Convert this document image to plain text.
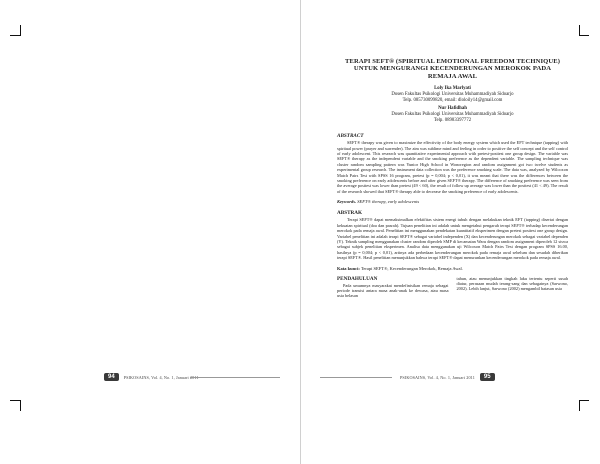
94	PSIKOSAINS, Vol. 4, No. 1, Januari 2011
TERAPI SEFT® (SPIRITUAL EMOTIONAL FREEDOM TECHNIQUE)
UNTUK MENGURANGI KECENDERUNGAN MEROKOK PADA
REMAJA AWAL
Loly Ika Marlyati
Dosen Fakultas Psikologi Universitas Muhammadiyah Sidoarjo
Telp. 085730099820, email: dloloily14@gmail.com
Nur Hafidhah
Dosen Fakultas Psikologi Universitas Muhammadiyah Sidoarjo
Telp. 08983397772
ABSTRACT
SEFT® therapy was given to maximize the effectivity of the body energy system which used the EFT technique (tapping) with spiritual power (prayer and surrender). The aim was sublime mind and feeling in order to positive the self concept and the self control of early adolescent. This research was quantitative experimental approach with pretest-posttest one group design. The variable was SEFT® therapy as the independent variable and the smoking preference as the dependent variable. The sampling technique was cluster random sampling pattern was Yunior High School in Wonoregion and random assignment got two twelve students as experimental group research. The instrument data collection was the preference smoking scale. The data was, analyzed by Wilcoxon Match Pairs Test with SPSS 16 program, pretest (p = 0,004; p < 0,01), it was meant that there was the differences between the smoking preference on early adolescents before and after given SEFT® therapy. The difference of smoking preference was seen from the average posttest was lower than pretest (49 < 60), the result of follow up average was lower than the posttest (41 < 49). The result of the research showed that SEFT® therapy able to decrease the smoking preference of early adolescents.
Keywords. SEFT® therapy, early adolescents
ABSTRAK
Terapi SEFT® dapat memaksimalkan efektifitas sistem energi tubuh dengan melakukan teknik EFT (tapping) disertai dengan kekuatan spiritual (doa dan pasrah). Tujuan penelitian ini adalah untuk mengetahui pengaruh terapi SEFT® terhadap kecenderungan merokok pada remaja awal. Penelitian ini menggunakan pendekatan kuantitatif eksperimen dengan pretest posttest one group design. Variabel penelitian ini adalah terapi SEFT® sebagai variabel independen (X) dan kecenderungan merokok sebagai variabel dependen (Y). Teknik sampling menggunakan cluster random dipeoleh SMP di kecamatan Waru dengan random assignment diperoleh 12 siswa sebagai subjek penelitian eksperimen. Analisa data menggunakan uji Wilcoxon Match Pairs Test dengan program SPSS 16.00, hasilnya (p = 0,004; p < 0,01), artinya ada perbedaan kecenderungan merokok pada remaja awal sebelum dan sesudah diberikan terapi SEFT®. Hasil penelitian menunjukkan bahwa terapi SEFT® dapat menurunkan kecenderungan merokok pada remaja awal.
Kata kunci: Terapi SEFT®, Kecenderungan Merokok, Remaja Awal.
PENDAHULUAN
Pada umumnya masyarakat mendefinisikan remaja sebagai periode transisi antara masa anak-anak ke dewasa, atau masa usia belasan
tahun, atau menunjukkan tingkah laku tertentu seperti susah diatur, perasaan mudah terang-sang dan sebagainya (Sarwono, 2002). Lebih lanjut, Sarwono (2002) mengambil batasan usia
PSIKOSAINS, Vol. 4, No. 1, Januari 2011	95
